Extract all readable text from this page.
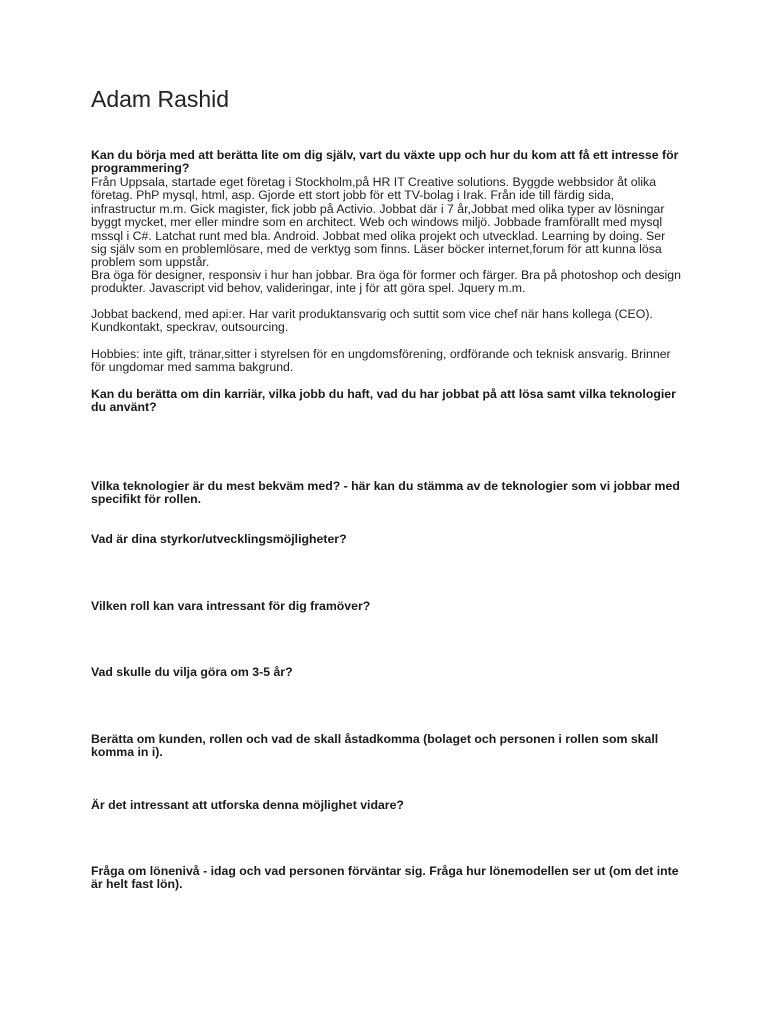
Adam Rashid

Kan du börja med att berätta lite om dig själv, vart du växte upp och hur du kom att få ett intresse för programmering?

Från Uppsala, startade eget företag i Stockholm,på HR IT Creative solutions. Byggde webbsidor åt olika företag. PhP mysql, html, asp. Gjorde ett stort jobb för ett TV-bolag i Irak. Från ide till färdig sida, infrastructur m.m. Gick magister, fick jobb på Activio. Jobbat där i 7 år,Jobbat med olika typer av lösningar byggt mycket, mer eller mindre som en architect. Web och windows miljö. Jobbade framförallt med mysql mssql i C#. Latchat runt med bla. Android. Jobbat med olika projekt och utvecklad. Learning by doing. Ser sig själv som en problemlösare, med de verktyg som finns. Läser böcker internet,forum för att kunna lösa problem som uppstår.

Bra öga för designer, responsiv i hur han jobbar. Bra öga för former och färger. Bra på photoshop och design produkter. Javascript vid behov, valideringar, inte j för att göra spel. Jquery m.m.

Jobbat backend, med api:er. Har varit produktansvarig och suttit som vice chef när hans kollega (CEO). Kundkontakt, speckrav, outsourcing.

Hobbies: inte gift, tränar,sitter i styrelsen för en ungdomsförening, ordförande och teknisk ansvarig. Brinner för ungdomar med samma bakgrund.

Kan du berätta om din karriär, vilka jobb du haft, vad du har jobbat på att lösa samt vilka teknologier du använt?

Vilka teknologier är du mest bekväm med? - här kan du stämma av de teknologier som vi jobbar med specifikt för rollen.

Vad är dina styrkor/utvecklingsmöjligheter?

Vilken roll kan vara intressant för dig framöver?

Vad skulle du vilja göra om 3-5 år?

Berätta om kunden, rollen och vad de skall åstadkomma (bolaget och personen i rollen som skall komma in i).

Är det intressant att utforska denna möjlighet vidare?

Fråga om lönenivå - idag och vad personen förväntar sig. Fråga hur lönemodellen ser ut (om det inte är helt fast lön).
